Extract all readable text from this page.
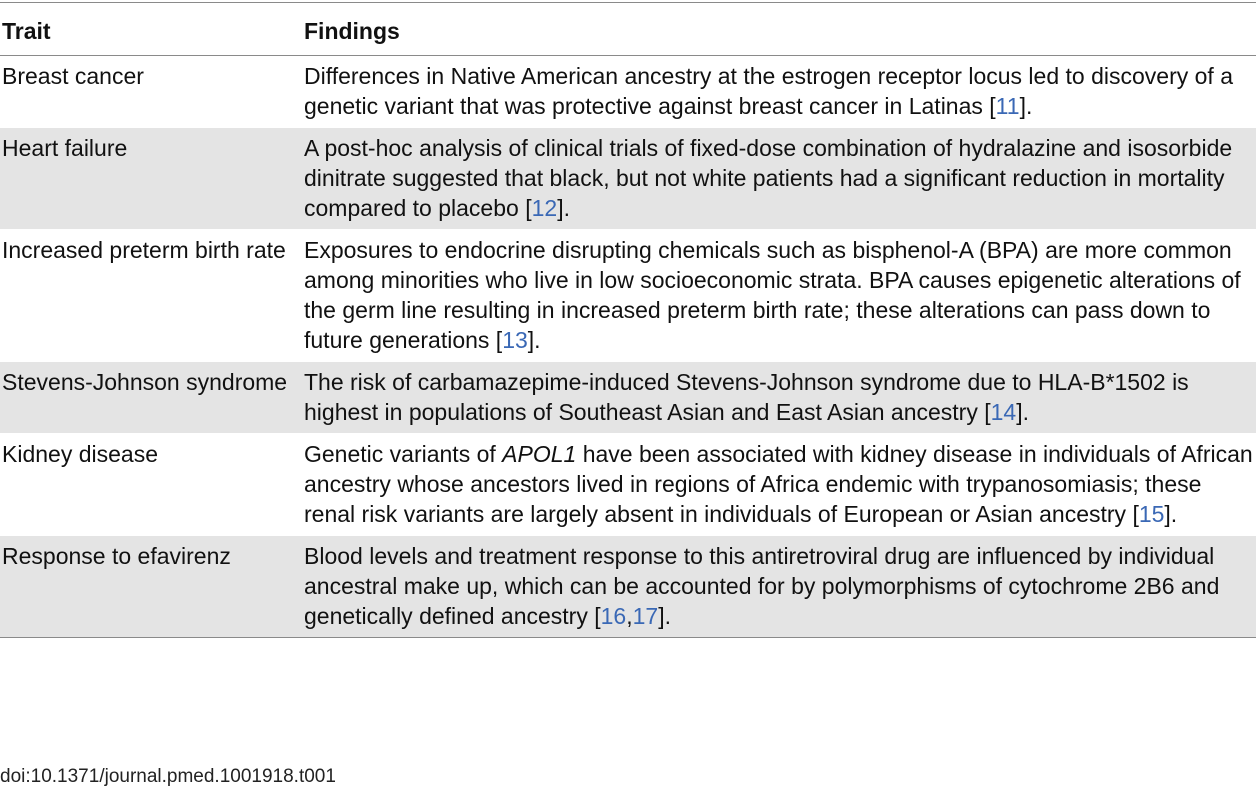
Trait	Findings
Breast cancer	Differences in Native American ancestry at the estrogen receptor locus led to discovery of a genetic variant that was protective against breast cancer in Latinas [11].
Heart failure	A post-hoc analysis of clinical trials of fixed-dose combination of hydralazine and isosorbide dinitrate suggested that black, but not white patients had a significant reduction in mortality compared to placebo [12].
Increased preterm birth rate	Exposures to endocrine disrupting chemicals such as bisphenol-A (BPA) are more common among minorities who live in low socioeconomic strata. BPA causes epigenetic alterations of the germ line resulting in increased preterm birth rate; these alterations can pass down to future generations [13].
Stevens-Johnson syndrome	The risk of carbamazepime-induced Stevens-Johnson syndrome due to HLA-B*1502 is highest in populations of Southeast Asian and East Asian ancestry [14].
Kidney disease	Genetic variants of APOL1 have been associated with kidney disease in individuals of African ancestry whose ancestors lived in regions of Africa endemic with trypanosomiasis; these renal risk variants are largely absent in individuals of European or Asian ancestry [15].
Response to efavirenz	Blood levels and treatment response to this antiretroviral drug are influenced by individual ancestral make up, which can be accounted for by polymorphisms of cytochrome 2B6 and genetically defined ancestry [16,17].
doi:10.1371/journal.pmed.1001918.t001
